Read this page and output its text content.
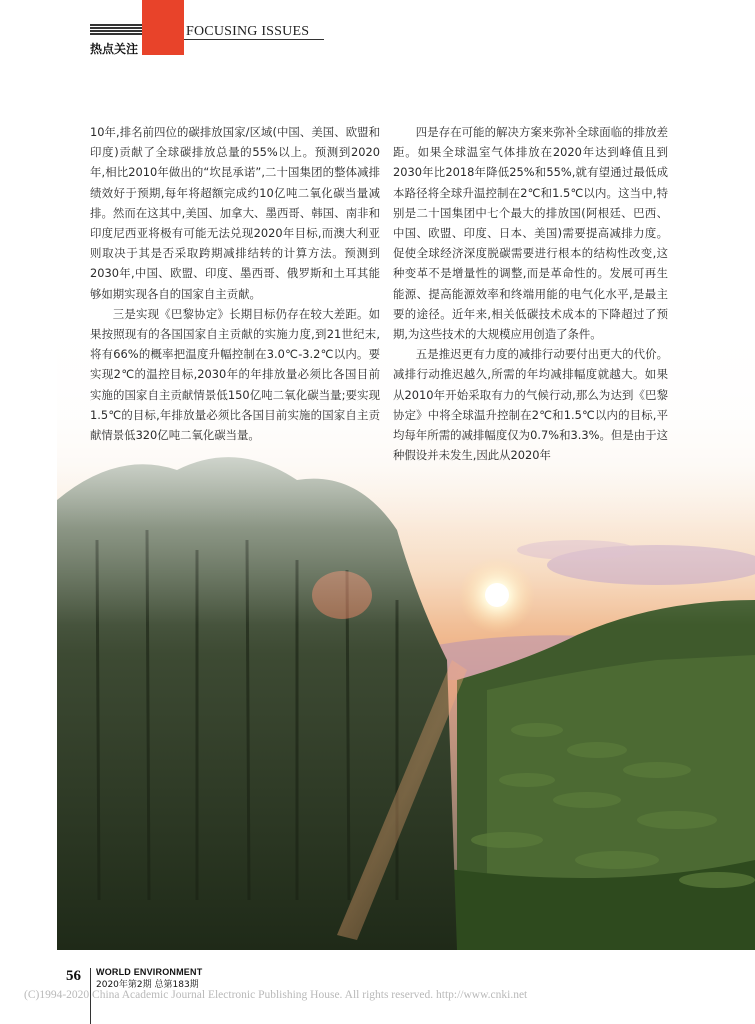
FOCUSING ISSUES
热点关注

10年,排名前四位的碳排放国家/区域(中国、美国、欧盟和印度)贡献了全球碳排放总量的55%以上。预测到2020年,相比2010年做出的“坎昆承诺”,二十国集团的整体减排绩效好于预期,每年将超额完成约10亿吨二氧化碳当量减排。然而在这其中,美国、加拿大、墨西哥、韩国、南非和印度尼西亚将极有可能无法兑现2020年目标,而澳大利亚则取决于其是否采取跨期减排结转的计算方法。预测到2030年,中国、欧盟、印度、墨西哥、俄罗斯和土耳其能够如期实现各自的国家自主贡献。

三是实现《巴黎协定》长期目标仍存在较大差距。如果按照现有的各国国家自主贡献的实施力度,到21世纪末,将有66%的概率把温度升幅控制在3.0℃-3.2℃以内。要实现2℃的温控目标,2030年的年排放量必须比各国目前实施的国家自主贡献情景低150亿吨二氧化碳当量;要实现1.5℃的目标,年排放量必须比各国目前实施的国家自主贡献情景低320亿吨二氧化碳当量。

四是存在可能的解决方案来弥补全球面临的排放差距。如果全球温室气体排放在2020年达到峰值且到2030年比2018年降低25%和55%,就有望通过最低成本路径将全球升温控制在2℃和1.5℃以内。这当中,特别是二十国集团中七个最大的排放国(阿根廷、巴西、中国、欧盟、印度、日本、美国)需要提高减排力度。促使全球经济深度脱碳需要进行根本的结构性改变,这种变革不是增量性的调整,而是革命性的。发展可再生能源、提高能源效率和终端用能的电气化水平,是最主要的途径。近年来,相关低碳技术成本的下降超过了预期,为这些技术的大规模应用创造了条件。

五是推迟更有力度的减排行动要付出更大的代价。减排行动推迟越久,所需的年均减排幅度就越大。如果从2010年开始采取有力的气候行动,那么为达到《巴黎协定》中将全球温升控制在2℃和1.5℃以内的目标,平均每年所需的减排幅度仅为0.7%和3.3%。但是由于这种假设并未发生,因此从2020年

56 WORLD ENVIRONMENT
2020年第2期 总第183期
(C)1994-2020 China Academic Journal Electronic Publishing House. All rights reserved. http://www.cnki.net
